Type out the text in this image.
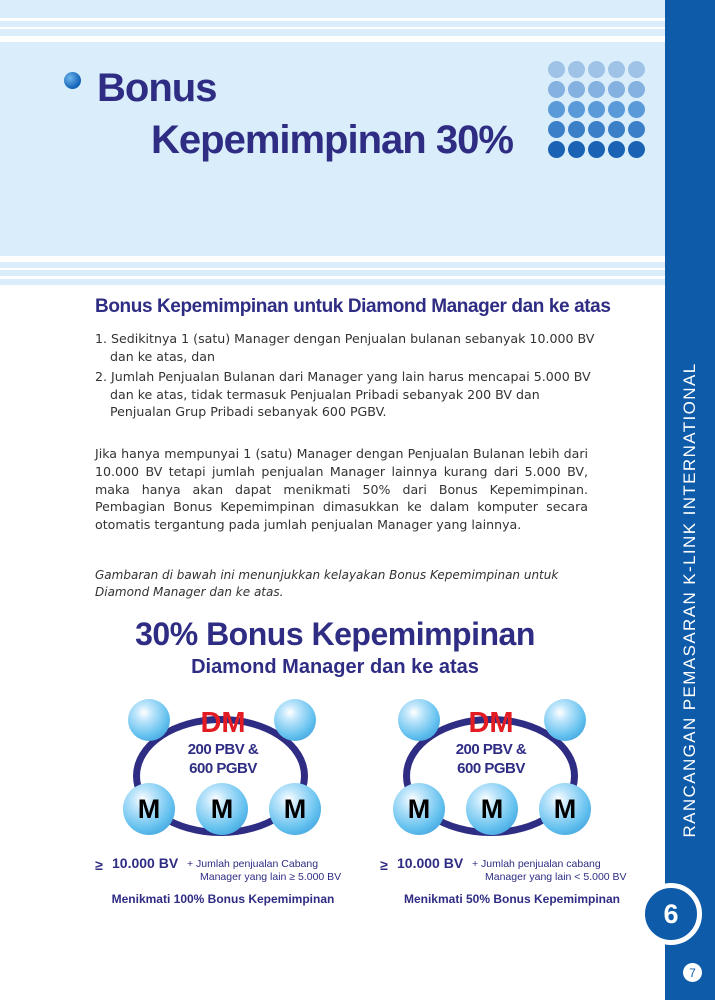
Bonus
Kepemimpinan 30%
RANCANGAN PEMASARAN K-LINK INTERNATIONAL
6
7
Bonus Kepemimpinan untuk Diamond Manager dan ke atas
1. Sedikitnya 1 (satu) Manager dengan Penjualan bulanan sebanyak 10.000 BV dan ke atas, dan
2. Jumlah Penjualan Bulanan dari Manager yang lain harus mencapai 5.000 BV dan ke atas, tidak termasuk Penjualan Pribadi sebanyak 200 BV dan Penjualan Grup Pribadi sebanyak 600 PGBV.

Jika hanya mempunyai 1 (satu) Manager dengan Penjualan Bulanan lebih dari 10.000 BV tetapi jumlah penjualan Manager lainnya kurang dari 5.000 BV, maka hanya akan dapat menikmati 50% dari Bonus Kepemimpinan. Pembagian Bonus Kepemimpinan dimasukkan ke dalam komputer secara otomatis tergantung pada jumlah penjualan Manager yang lainnya.

Gambaran di bawah ini menunjukkan kelayakan Bonus Kepemimpinan untuk Diamond Manager dan ke atas.

30% Bonus Kepemimpinan
Diamond Manager dan ke atas
DM
200 PBV &
600 PGBV
M	M	M
≥ 10.000 BV + Jumlah penjualan Cabang
Manager yang lain ≥ 5.000 BV
Menikmati 100% Bonus Kepemimpinan
DM
200 PBV &
600 PGBV
M	M	M
≥ 10.000 BV + Jumlah penjualan cabang
Manager yang lain < 5.000 BV
Menikmati 50% Bonus Kepemimpinan
